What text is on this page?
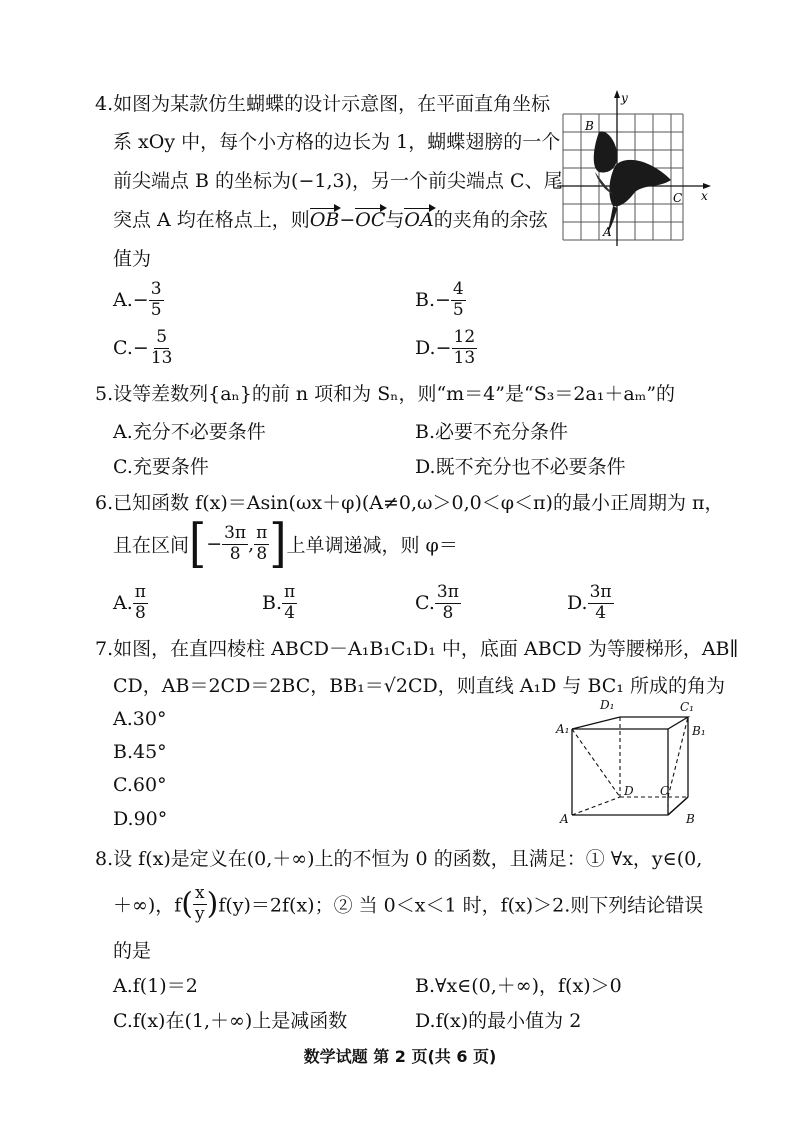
4.如图为某款仿生蝴蝶的设计示意图，在平面直角坐标
系 xOy 中，每个小方格的边长为 1，蝴蝶翅膀的一个
前尖端点 B 的坐标为(−1,3)，另一个前尖端点 C、尾
突点 A 均在格点上，则OB−OC与OA的夹角的余弦
值为
$A.- \frac{3}{5}$	$B.- \frac{4}{5}$
$C.- \frac{5}{13}$	$D.- \frac{12}{13}$
B
y
x
C
A
5.设等差数列{aₙ}的前 n 项和为 Sₙ，则“m＝4”是“S₃＝2a₁＋aₘ”的
A.充分不必要条件	B.必要不充分条件
C.充要条件	D.既不充分也不必要条件
6.已知函数 f(x)＝Asin(ωx＋φ)(A≠0,ω＞0,0＜φ＜π)的最小正周期为 π，
且在区间[− $\frac{3\pi}{8}$ , $\frac{\pi}{8}$ ]上单调递减，则 φ＝
A. $\frac{\pi}{8}$	B. $\frac{\pi}{4}$	C. $\frac{3\pi}{8}$	D. $\frac{3\pi}{4}$
7.如图，在直四棱柱 ABCD－A₁B₁C₁D₁ 中，底面 ABCD 为等腰梯形，AB∥
CD，AB＝2CD＝2BC，BB₁＝√2CD，则直线 A₁D 与 BC₁ 所成的角为
A.30°
B.45°
C.60°
D.90°
A₁
D₁	C₁
B₁
D C
A	B
8.设 f(x)是定义在(0,＋∞)上的不恒为 0 的函数，且满足：① ∀x，y∈(0,
＋∞)，$f( \frac{x}{y} )f(y)=2f(x)$；② 当 0＜x＜1 时，f(x)＞2.则下列结论错误
的是
A.f(1)＝2	B.∀x∈(0,＋∞)，f(x)＞0
C.f(x)在(1,＋∞)上是减函数	D.f(x)的最小值为 2
数学试题 第 2 页(共 6 页)
